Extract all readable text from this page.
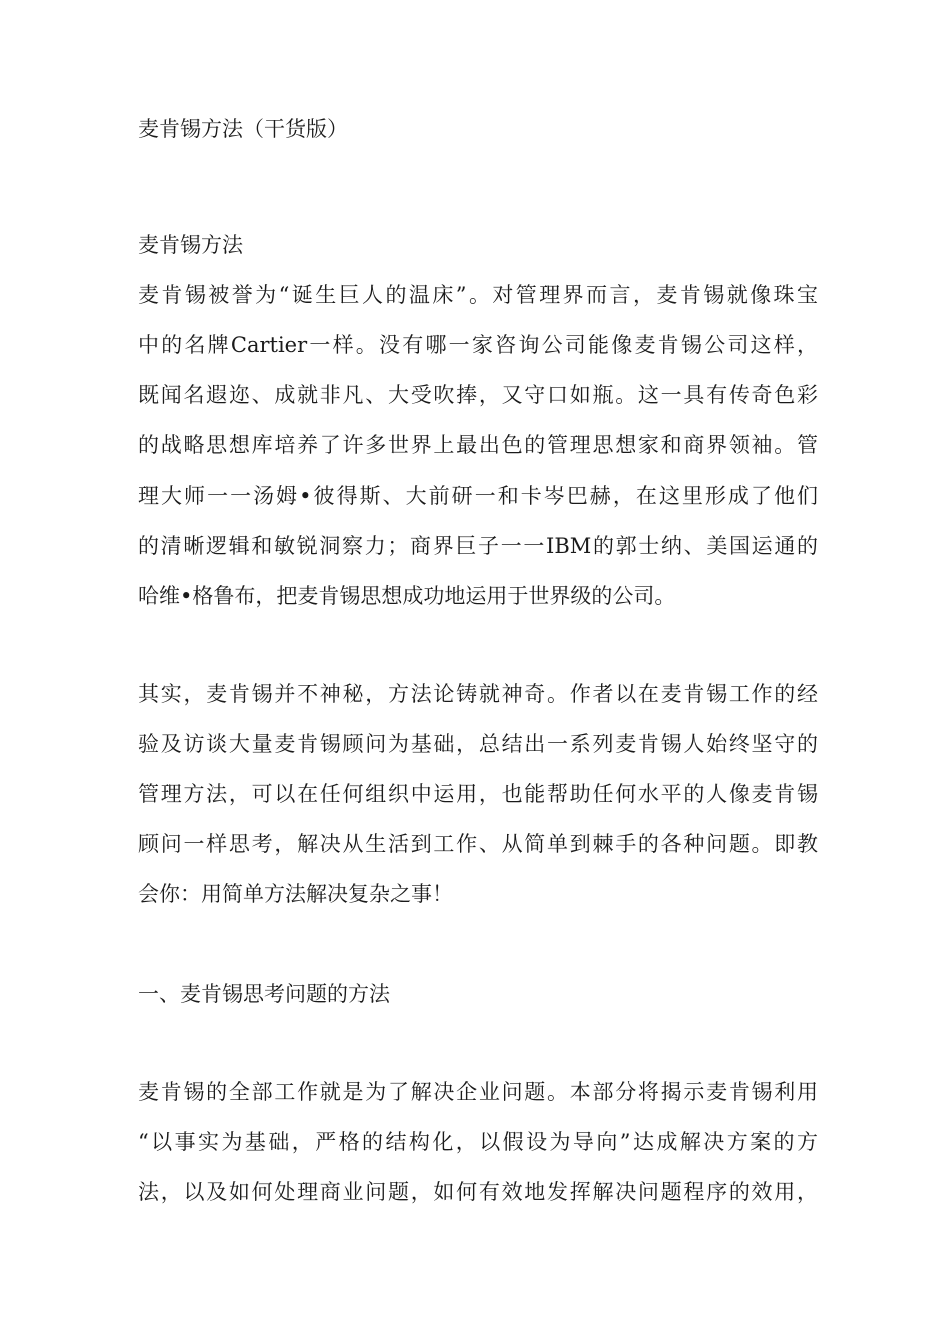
麦肯锡方法（干货版）
麦肯锡方法
麦肯锡被誉为“诞生巨人的温床”。对管理界而言，麦肯锡就像珠宝
中的名牌Cartier一样。没有哪一家咨询公司能像麦肯锡公司这样，
既闻名遐迩、成就非凡、大受吹捧，又守口如瓶。这一具有传奇色彩
的战略思想库培养了许多世界上最出色的管理思想家和商界领袖。管
理大师一一汤姆•彼得斯、大前研一和卡岑巴赫，在这里形成了他们
的清晰逻辑和敏锐洞察力；商界巨子一一IBM的郭士纳、美国运通的
哈维•格鲁布，把麦肯锡思想成功地运用于世界级的公司。
其实，麦肯锡并不神秘，方法论铸就神奇。作者以在麦肯锡工作的经
验及访谈大量麦肯锡顾问为基础，总结出一系列麦肯锡人始终坚守的
管理方法，可以在任何组织中运用，也能帮助任何水平的人像麦肯锡
顾问一样思考，解决从生活到工作、从简单到棘手的各种问题。即教
会你：用简单方法解决复杂之事！
一、麦肯锡思考问题的方法
麦肯锡的全部工作就是为了解决企业问题。本部分将揭示麦肯锡利用
“以事实为基础，严格的结构化，以假设为导向”达成解决方案的方
法，以及如何处理商业问题，如何有效地发挥解决问题程序的效用，
